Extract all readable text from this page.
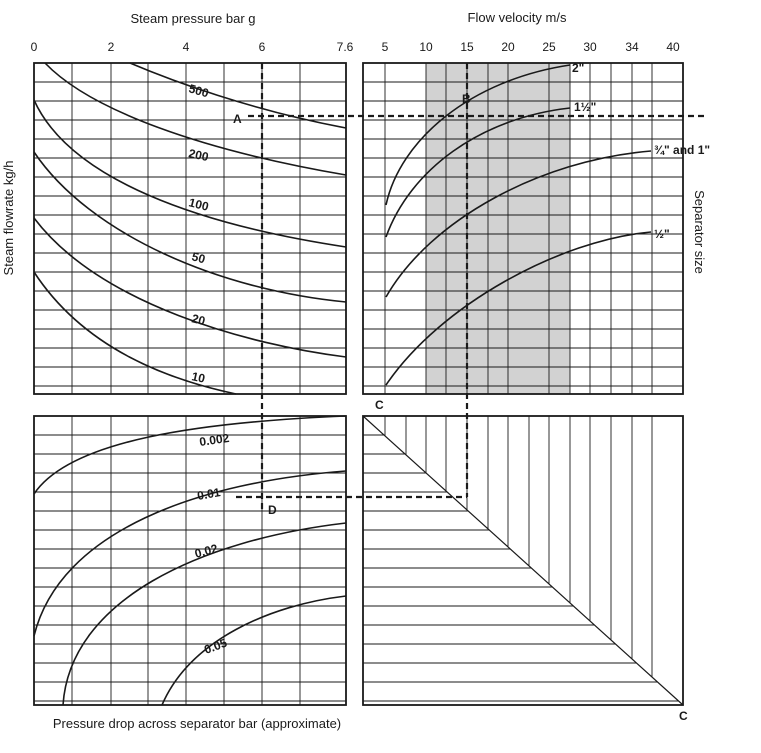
Steam pressure bar g	Flow velocity m/s
Steam flowrate kg/h	Separator size
Pressure drop across separator bar (approximate)
0	2	4	6	7.6 5	10 15 20 25 30 34 40
500
200
100
50
20
10
2"
1½"
¾" and 1"
½"
0.002
0.01
0.02
0.05
A
B
C
C
D
